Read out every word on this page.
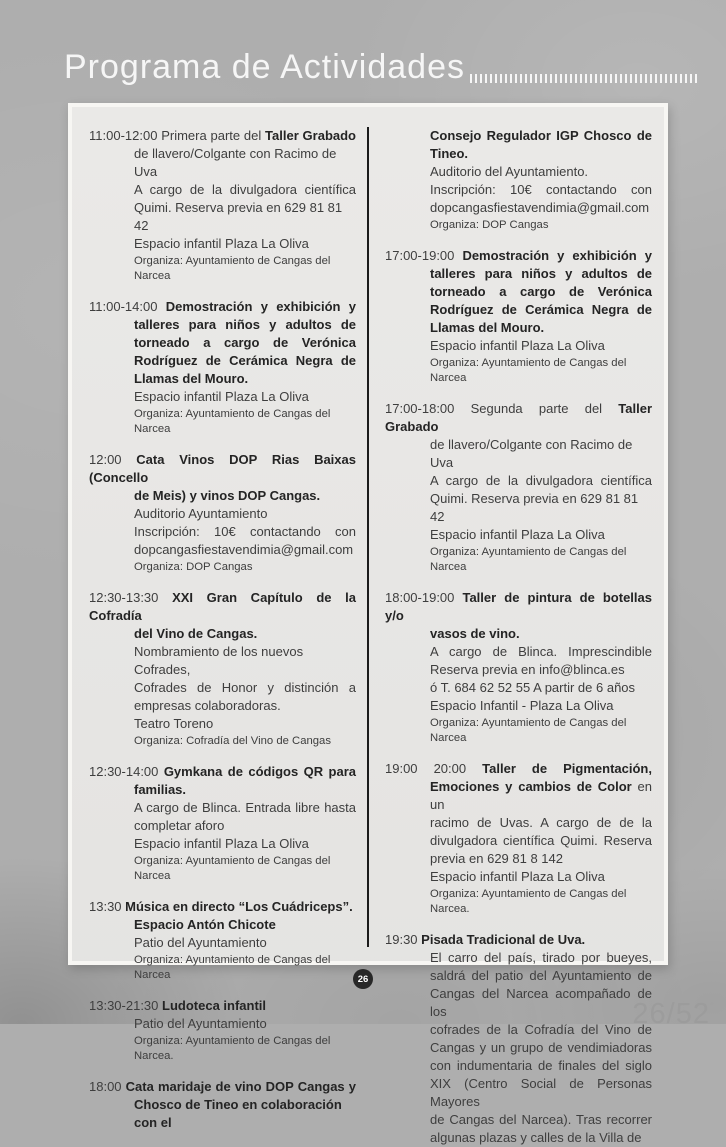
Programa de Actividades
11:00-12:00 Primera parte del Taller Grabado
de llavero/Colgante con Racimo de Uva
A cargo de la divulgadora científica
Quimi. Reserva previa en 629 81 81 42
Espacio infantil Plaza La Oliva
Organiza: Ayuntamiento de Cangas del Narcea
11:00-14:00 Demostración y exhibición y
talleres para niños y adultos de
torneado a cargo de Verónica
Rodríguez de Cerámica Negra de
Llamas del Mouro.
Espacio infantil Plaza La Oliva
Organiza: Ayuntamiento de Cangas del Narcea
12:00 Cata Vinos DOP Rias Baixas (Concello
de Meis) y vinos DOP Cangas.
Auditorio Ayuntamiento
Inscripción: 10€ contactando con
dopcangasfiestavendimia@gmail.com
Organiza: DOP Cangas
12:30-13:30 XXI Gran Capítulo de la Cofradía
del Vino de Cangas.
Nombramiento de los nuevos Cofrades,
Cofrades de Honor y distinción a
empresas colaboradoras.
Teatro Toreno
Organiza: Cofradía del Vino de Cangas
12:30-14:00 Gymkana de códigos QR para
familias.
A cargo de Blinca. Entrada libre hasta
completar aforo
Espacio infantil Plaza La Oliva
Organiza: Ayuntamiento de Cangas del Narcea
13:30 Música en directo “Los Cuádriceps”.
Espacio Antón Chicote
Patio del Ayuntamiento
Organiza: Ayuntamiento de Cangas del Narcea
13:30-21:30 Ludoteca infantil
Patio del Ayuntamiento
Organiza: Ayuntamiento de Cangas del Narcea.
18:00 Cata maridaje de vino DOP Cangas y
Chosco de Tineo en colaboración con el
Consejo Regulador IGP Chosco de
Tineo.
Auditorio del Ayuntamiento.
Inscripción: 10€ contactando con
dopcangasfiestavendimia@gmail.com
Organiza: DOP Cangas
17:00-19:00 Demostración y exhibición y
talleres para niños y adultos de
torneado a cargo de Verónica
Rodríguez de Cerámica Negra de
Llamas del Mouro.
Espacio infantil Plaza La Oliva
Organiza: Ayuntamiento de Cangas del Narcea
17:00-18:00 Segunda parte del Taller Grabado
de llavero/Colgante con Racimo de Uva
A cargo de la divulgadora científica
Quimi. Reserva previa en 629 81 81 42
Espacio infantil Plaza La Oliva
Organiza: Ayuntamiento de Cangas del Narcea
18:00-19:00 Taller de pintura de botellas y/o
vasos de vino.
A cargo de Blinca. Imprescindible
Reserva previa en info@blinca.es
ó T. 684 62 52 55 A partir de 6 años
Espacio Infantil - Plaza La Oliva
Organiza: Ayuntamiento de Cangas del Narcea
19:00 20:00 Taller de Pigmentación,
Emociones y cambios de Color en un
racimo de Uvas. A cargo de de la
divulgadora científica Quimi. Reserva
previa en 629 81 8 142
Espacio infantil Plaza La Oliva
Organiza: Ayuntamiento de Cangas del Narcea.
19:30 Pisada Tradicional de Uva.
El carro del país, tirado por bueyes,
saldrá del patio del Ayuntamiento de
Cangas del Narcea acompañado de los
cofrades de la Cofradía del Vino de
Cangas y un grupo de vendimiadoras
con indumentaria de finales del siglo
XIX (Centro Social de Personas Mayores
de Cangas del Narcea). Tras recorrer
algunas plazas y calles de la Villa de
26
26/52
